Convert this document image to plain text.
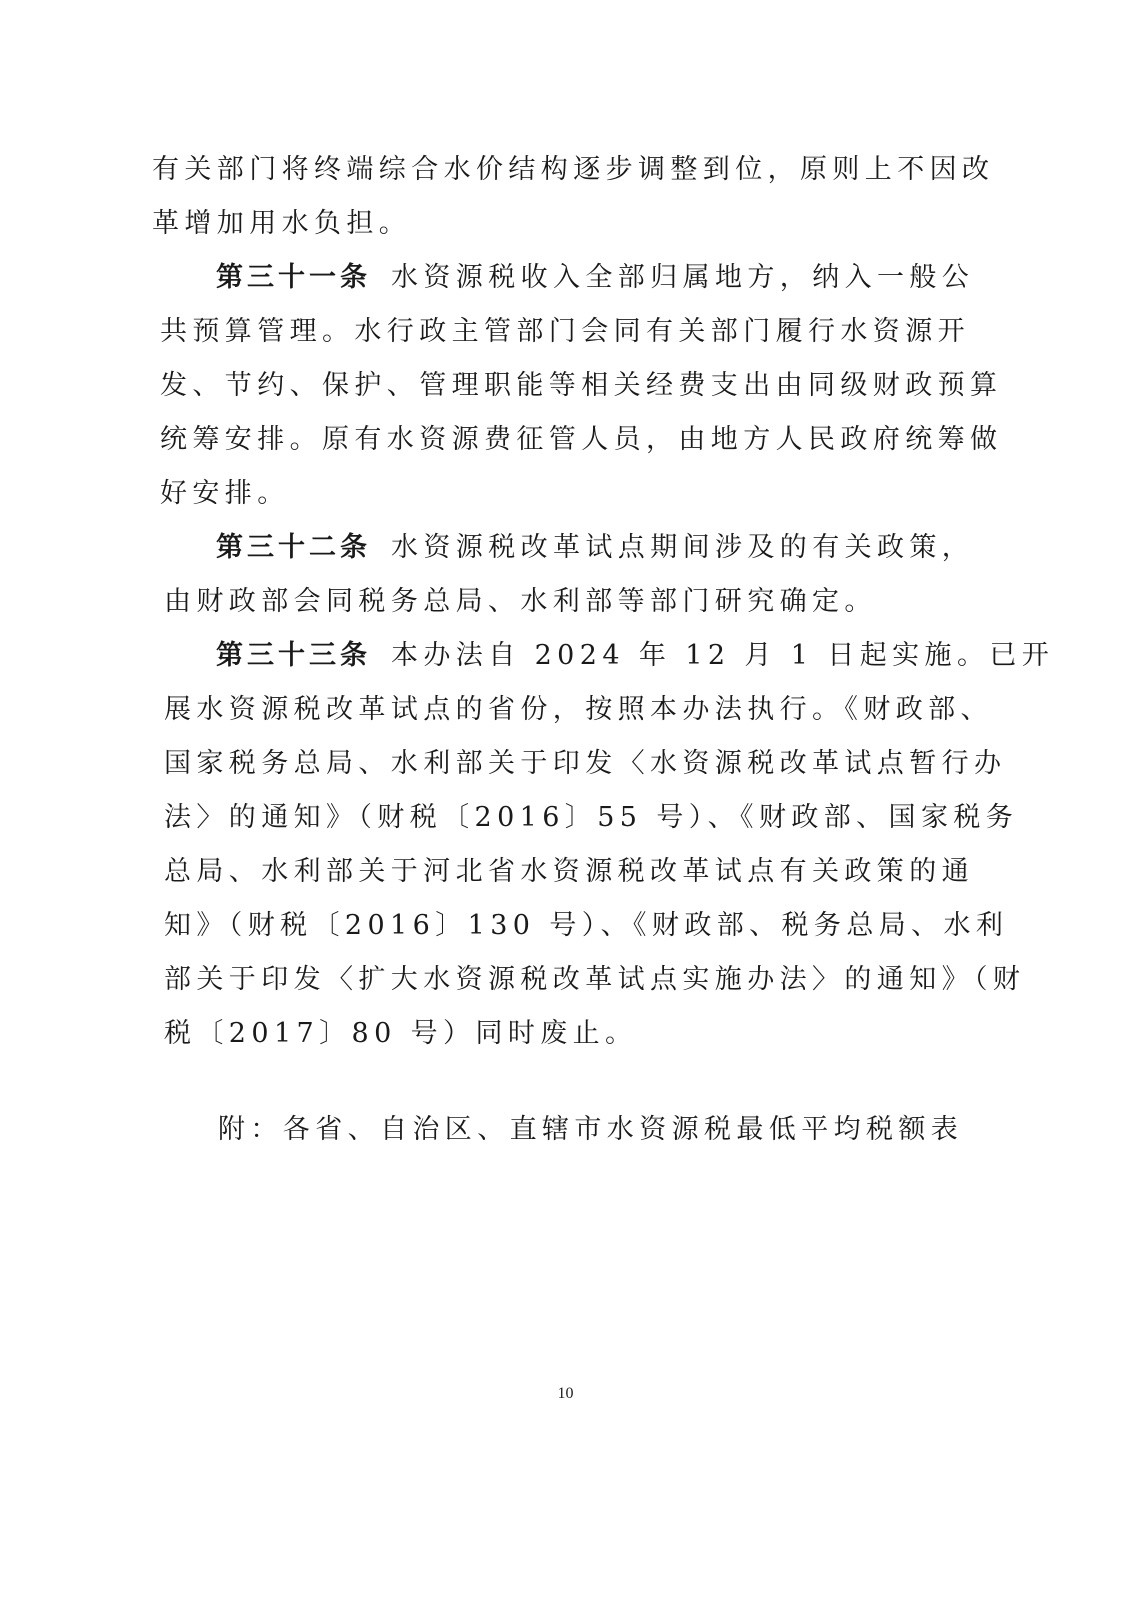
有关部门将终端综合水价结构逐步调整到位，原则上不因改
革增加用水负担。
第三十一条 水资源税收入全部归属地方，纳入一般公
共预算管理。水行政主管部门会同有关部门履行水资源开
发、节约、保护、管理职能等相关经费支出由同级财政预算
统筹安排。原有水资源费征管人员，由地方人民政府统筹做
好安排。
第三十二条 水资源税改革试点期间涉及的有关政策，
由财政部会同税务总局、水利部等部门研究确定。
第三十三条 本办法自 2024 年 12 月 1 日起实施。已开
展水资源税改革试点的省份，按照本办法执行。《财政部、
国家税务总局、水利部关于印发〈水资源税改革试点暂行办
法〉的通知》（财税〔2016〕55 号）、《财政部、国家税务
总局、水利部关于河北省水资源税改革试点有关政策的通
知》（财税〔2016〕130 号）、《财政部、税务总局、水利
部关于印发〈扩大水资源税改革试点实施办法〉的通知》（财
税〔2017〕80 号）同时废止。
附：各省、自治区、直辖市水资源税最低平均税额表
10
